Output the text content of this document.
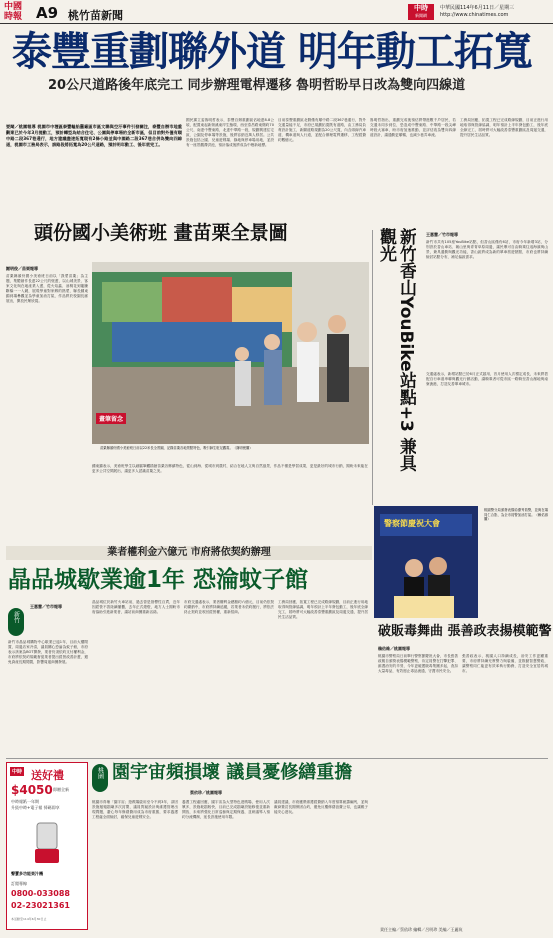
中國
時報 A9 桃竹苗新聞
中時
新聞網
中華民國114年6月11日／星期三
http://www.chinatimes.com
泰豐重劃聯外道 明年動工拓寬
20公尺道路後年底完工 同步辦理電桿遷移 魯明哲盼早日改為雙向四線道
要聞／桃園報導 桃園市中壢區泰豐輪胎舊廠區市區文聯與空汙事件引發關注，泰豐自辦市地重劃案已於今年3月提動工，預計轉型為結合住宅、公園與停車場的全新市區，但目前對外僅有順中路二段367巷通行，地方建議盡速拓寬現有2條小路並與中園路二段367巷合併為雙向四線道，桃園市工務局表示，該路段將拓寬為20公尺道路，預計明年動工、後年底完工。
國民黨立委魯明哲表示，泰豐自辦重劃區佔地達8.8公頃，配置東起新街溪東岸生態環，西至泰昌路東側約70公尺，南達中豐東路，北達中華路一段，規劃興建住宅區、公園及停車場等設施，後將容納近萬人移居。公共設施包括公園、兒童遊戲場、綠地與停車場用地，並設有一座景觀滯洪池，預計落成後將成為中壢新地標。
目前泰豐重劃區北側僅有順中路二段367巷通行，對外交通量能不足，市府已規劃拓寬既有道路，由工務局負責設計施工，新闢道路規劃為20公尺寬，內含兩線汽車道、機車道與人行道，並配合辦理電桿遷移，工程經費約數億元。
魯明哲指出，重劃完成後預估將帶進數千戶居民，若交通未同步到位，恐造成中豐東路、中華路一段尖峰時段大塞車，盼市府加速推動，並評估改為雙向四線道設計，讓通勤更順暢，也減少巷弄車流。
工務局回應，拓寬工程已完成路線規劃，目前正進行用地取得與管線協調，明年預計上半年發包動工，後年底全線完工，屆時將可大幅改善泰豐重劃區及周邊交通，提升居民生活品質。
頭份國小美術班 畫苗栗全景圖
謝明俊／苗栗報導
苗栗縣頭份國小美術班日前以「我愛苗栗」為主題，集體創作長達22公尺的壁畫，以山城美景、客家文化與在地產業入畫，從火焰蟲、油桐花到龍騰斷橋一一入鏡，展現學童對家鄉的熱愛，縣長鍾東錦到場參觀並為學童加油打氣，作品將於校園長廊展出，開放民眾欣賞。
畫筆留念
苗栗縣頭份國小美術班日前以22米長全景圖，記錄苗栗各地景點特色，吸引師生駐足觀賞。（謝明俊攝）
鍾東錦表示，美術班學生以細膩筆觸描繪苗栗各鄉鎮特色，從山到海、從城市到農村，結合在地人文與自然風景，作品不僅是學習成果，更是最好的城市行銷，期盼未來能在更多公共空間展出，讓更多人認識苗栗之美。	新竹香山YouBike站點+3 兼具觀光	王惠慧／竹市報導
新竹市共有105座YouBike站點，但香山區僅有6站，市府今年新增3站，分別設於香山車站、朝山里與青青草原周邊，讓民眾可自由騎乘往返海濱與山景，兼具通勤與觀光功能，香山區將成為新的單車旅遊熱點，市府也將持續檢討站點分布，補足偏區需求。
交通處表示，新增站點已於6月正式啟用，首月使用人次穩定成長，未來將搭配自行車道串聯與觀光行銷活動，讓騎乘者可從市區一路騎至香山濕地與南寮漁港，打造友善單車城市。
業者權利金六億元 市府將依契約辦理
晶品城歇業逾1年 恐淪蚊子館
新竹
王惠慧／竹市報導
新竹市晶品城購物中心歇業已逾1年，目前大樓閒置，周邊店家冷清，議員關心恐淪為蚊子館，市府表示該案為BOT開發，業者仍須依約支付權利金，市府將依契約規範督促業者提出經營改善計畫，避免資產長期閒置，影響周邊商圈發展。
晶品城位於新竹火車站前，過去曾是指標性百貨，近年因經營不善陸續撤櫃，去年正式熄燈，地方人士期盼市府協助引進新業者，讓站前商圈重新活絡。
市府交通處表示，業者權利金總額約六億元，目前仍依契約繳納中，市府將持續追蹤，若業者未依約履行，將依法終止契約並收回經營權，重新招商。
工務局回應，拓寬工程已完成路線規劃，目前正進行用地取得與管線協調，明年預計上半年發包動工，後年底全線完工，屆時將可大幅改善泰豐重劃區及周邊交通，提升居民生活品質。
警察節慶祝大會
桃園警分局頒發表揚給優秀員警，並與在場同仁合影，為全市員警加油打氣。（賴佑維攝）
破販毒舞曲 張善政表揚模範警
賴佑維／桃園報導
桃園市警察局日前舉行警察節慶祝大會，市長張善政親自頒獎表揚模範警察，肯定員警在打擊犯罪、維護治安的辛勞，今年更破獲販毒集團多起，查扣大量毒品，有效遏止毒品流通，守護市民安全。
張善政表示，桃園人口持續成長，治安工作更顯重要，市府將持續充實警力與裝備，並推動智慧警政，讓警察同仁能更有效率執行勤務，打造安全宜居的城市。
桃園 園宇宙頻損壞 議員憂修繕重擔
蔡依珍／桃園報導
桃園市青埔「園宇宙」遊戲場啟用至今不到3年，卻因設施頻頻損壞多次封閉，議員質疑設計與維護管理出現問題，憂心每年修繕費用成為市府重擔，要求養護工程處全面檢討，確保兒童遊戲安全。
養護工程處回應，園宇宙為大型特色遊戲場，使用人次眾多，設施耗損較快，目前已完成損壞設施修復並重新開放，未來將強化日常巡檢與定期保養，並研議導入預約分流機制，延長設施使用年限。
議員建議，市府應將維護經費納入年度預算統籌編列，並與廠商簽訂長期保固合約，避免反覆修繕浪費公帑，也讓親子能安心遊玩。
中時 送好禮
$4050 即贈全新
中時報紙一年期
升級中時+電子報 掃碼即享
聲寶多功能果汁機
訂閱專線
0800-033088
02-23021361
本活動至114年6月30日止
責任主編／蔡依珍 編輯／呂明珍 美編／王麗筑
